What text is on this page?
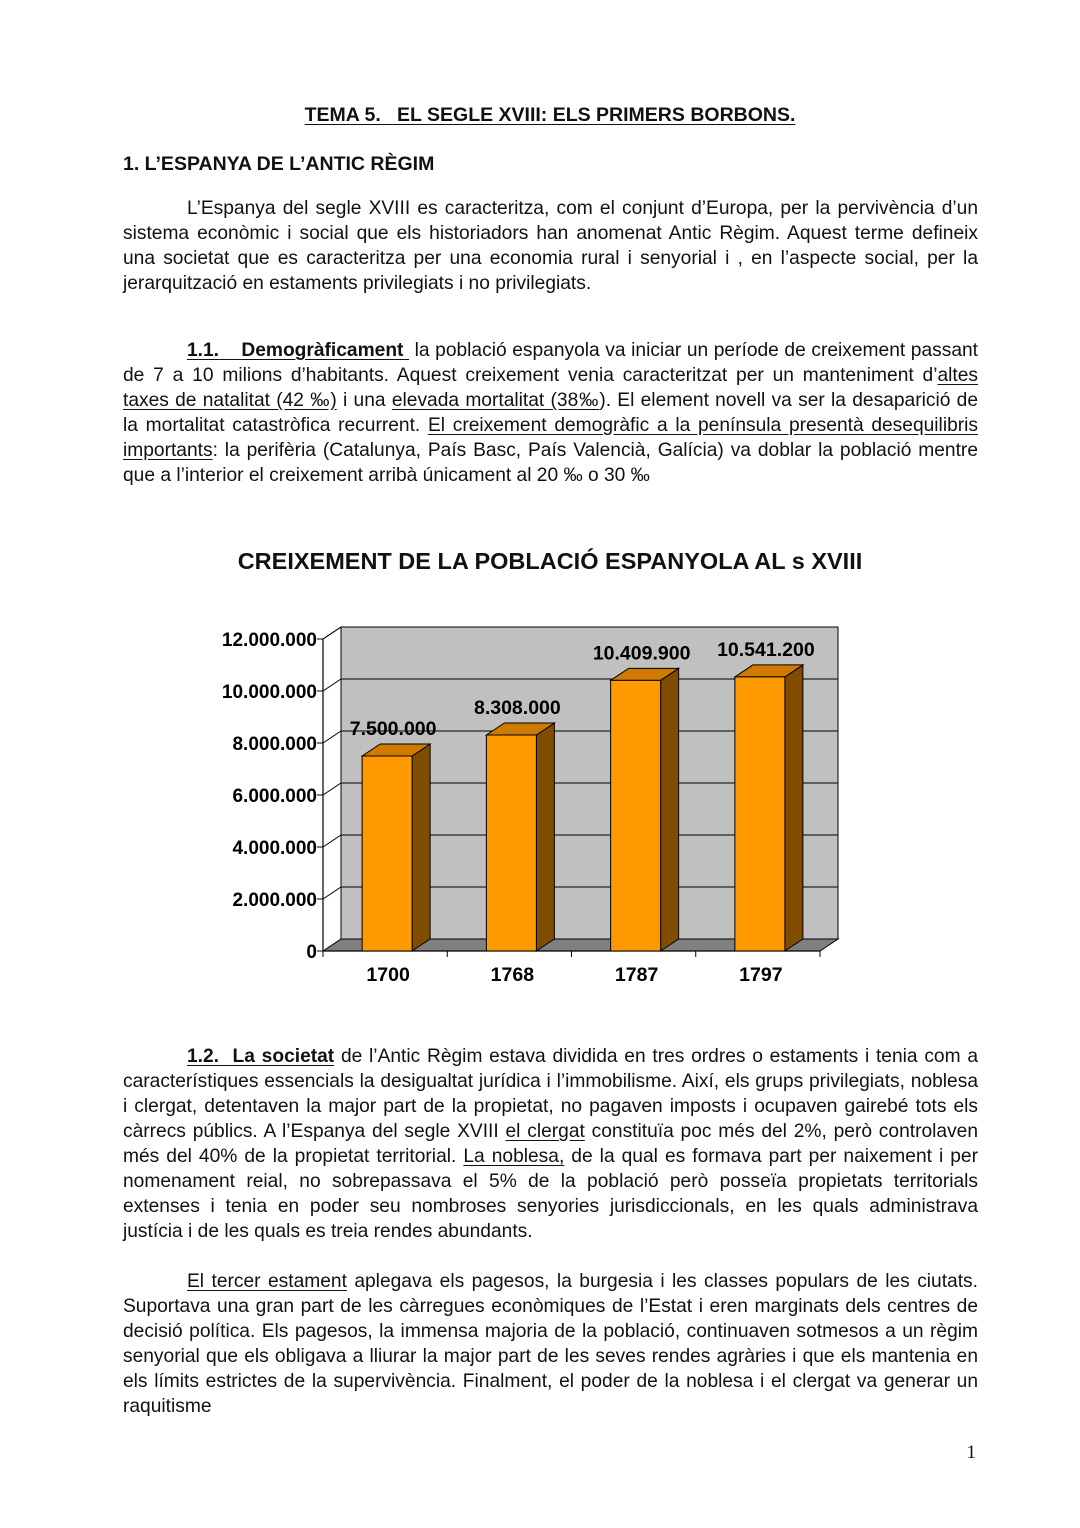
TEMA 5.   EL SEGLE XVIII: ELS PRIMERS BORBONS.
1. L’ESPANYA DE L’ANTIC RÈGIM
L’Espanya del segle XVIII es caracteritza, com el conjunt d’Europa, per la pervivència d’un sistema econòmic i social que els historiadors han anomenat Antic Règim. Aquest terme defineix una societat que es caracteritza per una economia rural i senyorial i , en l’aspecte social, per la jerarquització en estaments privilegiats i no privilegiats.
1.1. Demogràficament  la població espanyola va iniciar un període de creixement passant de 7 a 10 milions d’habitants. Aquest creixement venia caracteritzat per un manteniment d’altes taxes de natalitat (42 ‰) i una elevada mortalitat (38‰). El element novell va ser la desaparició de la mortalitat catastròfica recurrent. El creixement demogràfic a la península presentà desequilibris importants: la perifèria (Catalunya, País Basc, País Valencià, Galícia) va doblar la població mentre que a l’interior el creixement arribà únicament al 20 ‰ o 30 ‰
CREIXEMENT DE LA POBLACIÓ ESPANYOLA AL s XVIII
0
2.000.000
4.000.000
6.000.000
8.000.000
10.000.000
12.000.000
7.500.000
1700
8.308.000
1768
10.409.900
1787
10.541.200
1797
1.2. La societat de l’Antic Règim estava dividida en tres ordres o estaments i tenia com a característiques essencials la desigualtat jurídica i l’immobilisme. Així, els grups privilegiats, noblesa i clergat, detentaven la major part de la propietat, no pagaven imposts i ocupaven gairebé tots els càrrecs públics. A l’Espanya del segle XVIII el clergat constituïa poc més del 2%, però controlaven més del 40% de la propietat territorial. La noblesa, de la qual es formava part per naixement i per nomenament reial, no sobrepassava el 5% de la població però posseïa propietats territorials extenses i tenia en poder seu nombroses senyories jurisdiccionals, en les quals administrava justícia i de les quals es treia rendes abundants.
El tercer estament aplegava els pagesos, la burgesia i les classes populars de les ciutats. Suportava una gran part de les càrregues econòmiques de l’Estat i eren marginats dels centres de decisió política. Els pagesos, la immensa majoria de la població, continuaven sotmesos a un règim senyorial que els obligava a lliurar la major part de les seves rendes agràries i que els mantenia en els límits estrictes de la supervivència. Finalment, el poder de la noblesa i el clergat va generar un raquitisme
1
